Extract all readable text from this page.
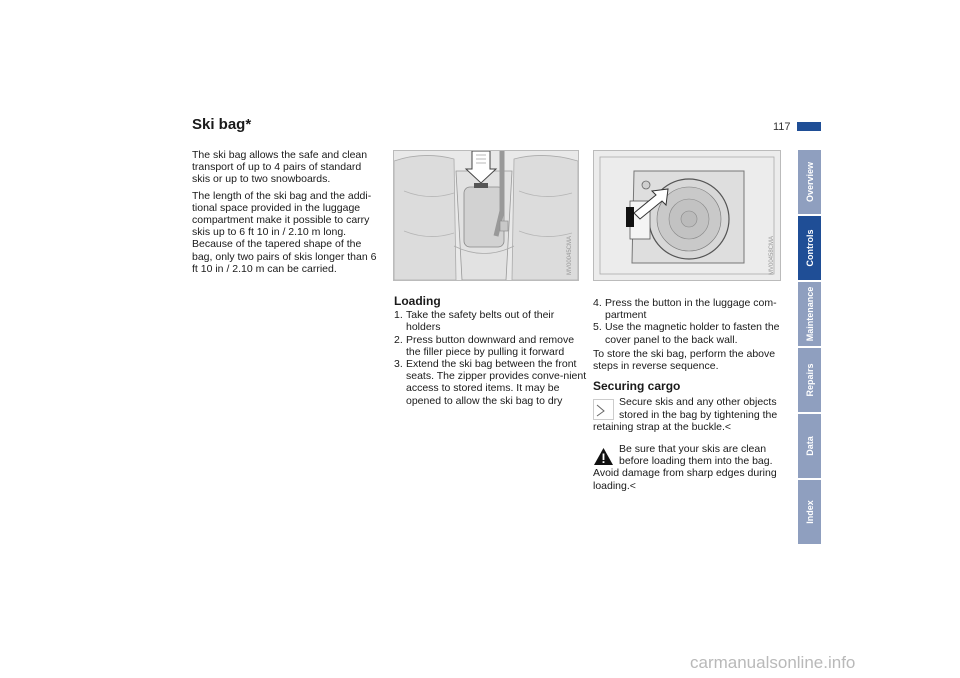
117
Ski bag*

The ski bag allows the safe and clean transport of up to 4 pairs of standard skis or up to two snowboards.

The length of the ski bag and the addi-tional space provided in the luggage compartment make it possible to carry skis up to 6 ft 10 in / 2.10 m long. Because of the tapered shape of the bag, only two pairs of skis longer than 6 ft 10 in / 2.10 m can be carried.	MV00045CMA	MV00458CMA
Loading
1. Take the safety belts out of their holders
2. Press button downward and remove the filler piece by pulling it forward
3. Extend the ski bag between the front seats. The zipper provides conve-nient access to stored items. It may be opened to allow the ski bag to dry
4. Press the button in the luggage com-partment
5. Use the magnetic holder to fasten the cover panel to the back wall.

To store the ski bag, perform the above steps in reverse sequence.

Securing cargo
Secure skis and any other objects stored in the bag by tightening the retaining strap at the buckle.<
Be sure that your skis are clean before loading them into the bag. Avoid damage from sharp edges during loading.<
Overview
Controls
Maintenance
Repairs
Data
Index
carmanualsonline.info
